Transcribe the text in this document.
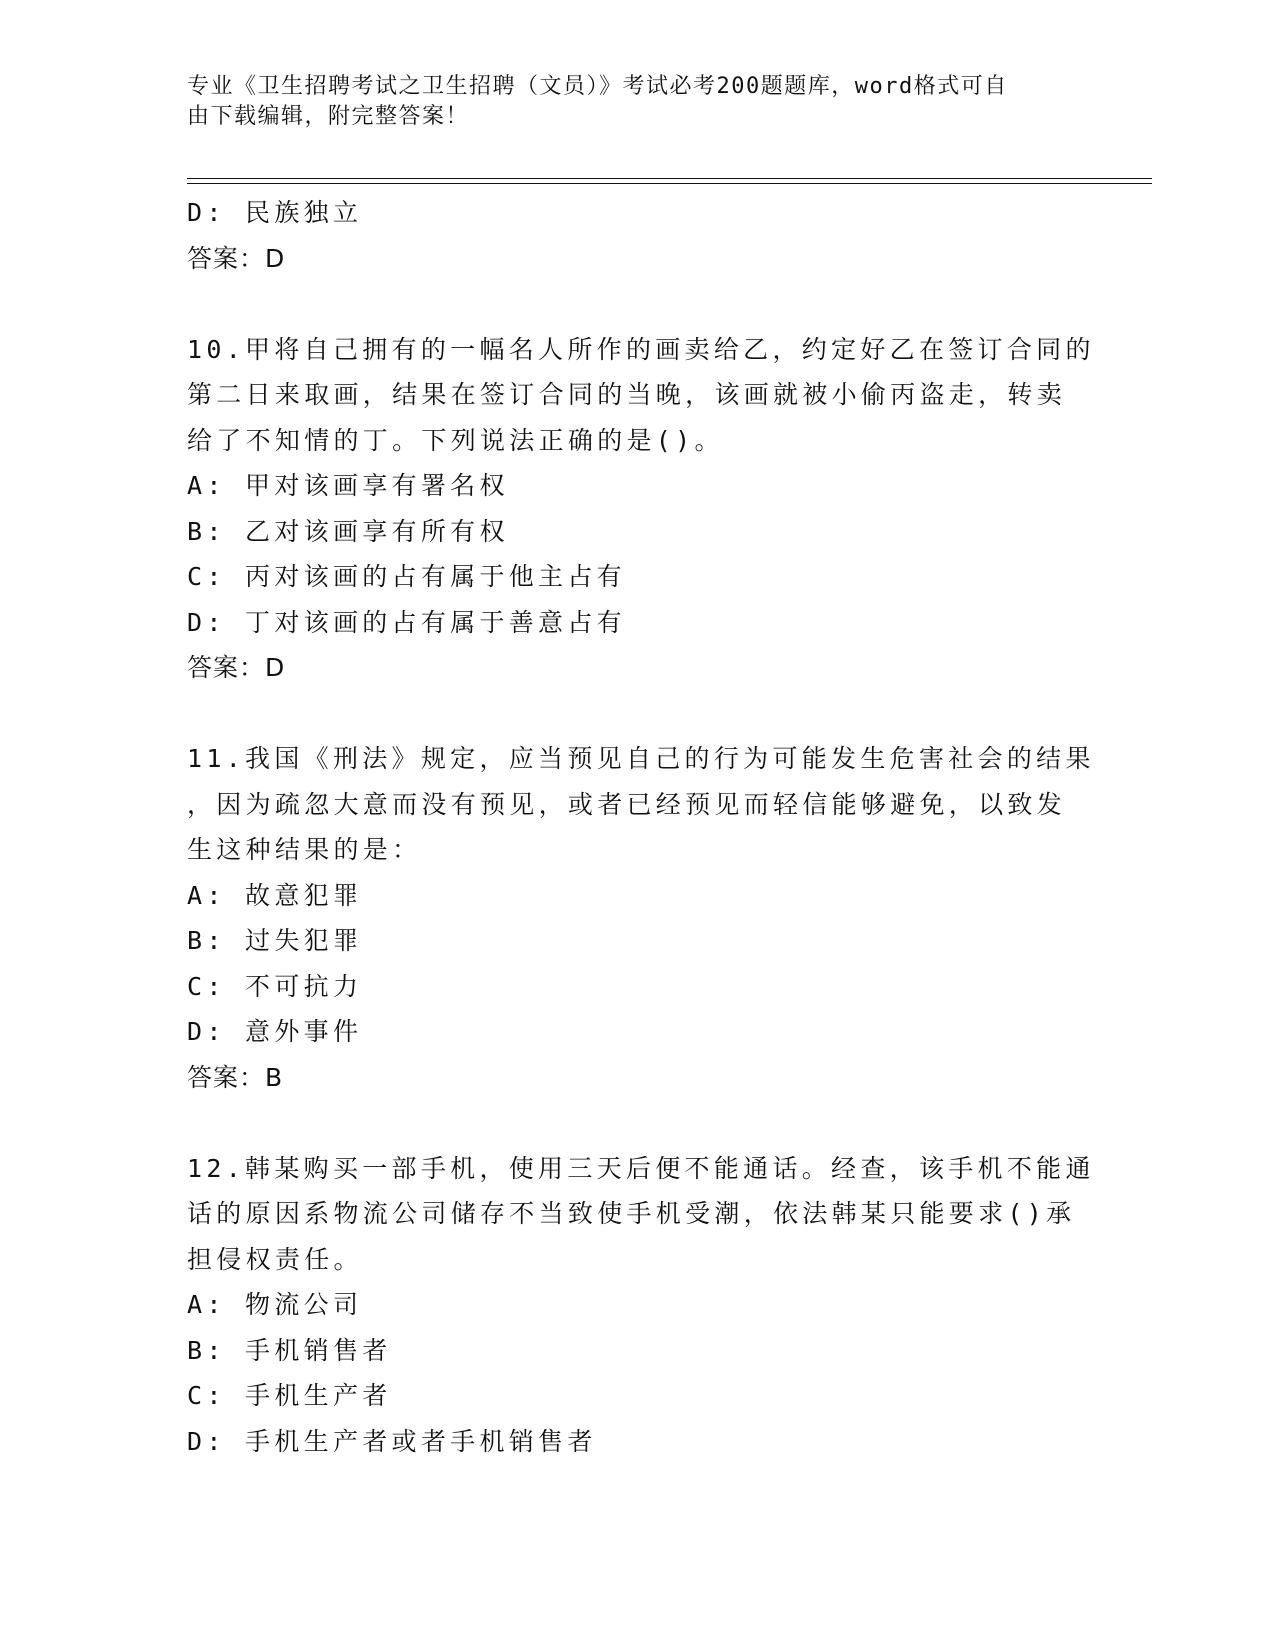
专业《卫生招聘考试之卫生招聘（文员）》考试必考200题题库，word格式可自
由下载编辑，附完整答案！
D: 民族独立
答案：D
10.甲将自己拥有的一幅名人所作的画卖给乙，约定好乙在签订合同的
第二日来取画，结果在签订合同的当晚，该画就被小偷丙盗走，转卖
给了不知情的丁。下列说法正确的是()。
A: 甲对该画享有署名权
B: 乙对该画享有所有权
C: 丙对该画的占有属于他主占有
D: 丁对该画的占有属于善意占有
答案：D
11.我国《刑法》规定，应当预见自己的行为可能发生危害社会的结果
，因为疏忽大意而没有预见，或者已经预见而轻信能够避免，以致发
生这种结果的是：
A: 故意犯罪
B: 过失犯罪
C: 不可抗力
D: 意外事件
答案：B
12.韩某购买一部手机，使用三天后便不能通话。经查，该手机不能通
话的原因系物流公司储存不当致使手机受潮，依法韩某只能要求()承
担侵权责任。
A: 物流公司
B: 手机销售者
C: 手机生产者
D: 手机生产者或者手机销售者
